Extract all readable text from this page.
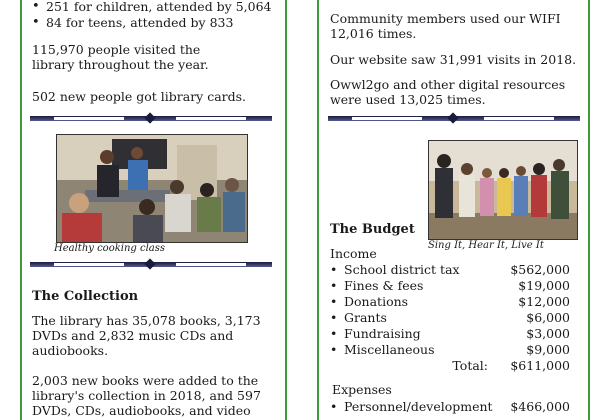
• 251 for children, attended by 5,064
• 84 for teens, attended by 833

115,970 people visited the library throughout the year.

502 new people got library cards.

Healthy cooking class
The Collection

The library has 35,078 books, 3,173 DVDs and 2,832 music CDs and audiobooks.

2,003 new books were added to the library's collection in 2018, and 597 DVDs, CDs, audiobooks, and video

Community members used our WIFI 12,016 times.

Our website saw 31,991 visits in 2018.

Owwl2go and other digital resources were used 13,025 times.

Sing It, Hear It, Live It
The Budget
Income
• School district tax	$562,000
• Fines & fees	$19,000
• Donations	$12,000
• Grants	$6,000
• Fundraising	$3,000
• Miscellaneous	$9,000
Total:	$611,000
Expenses
• Personnel/development	$466,000
